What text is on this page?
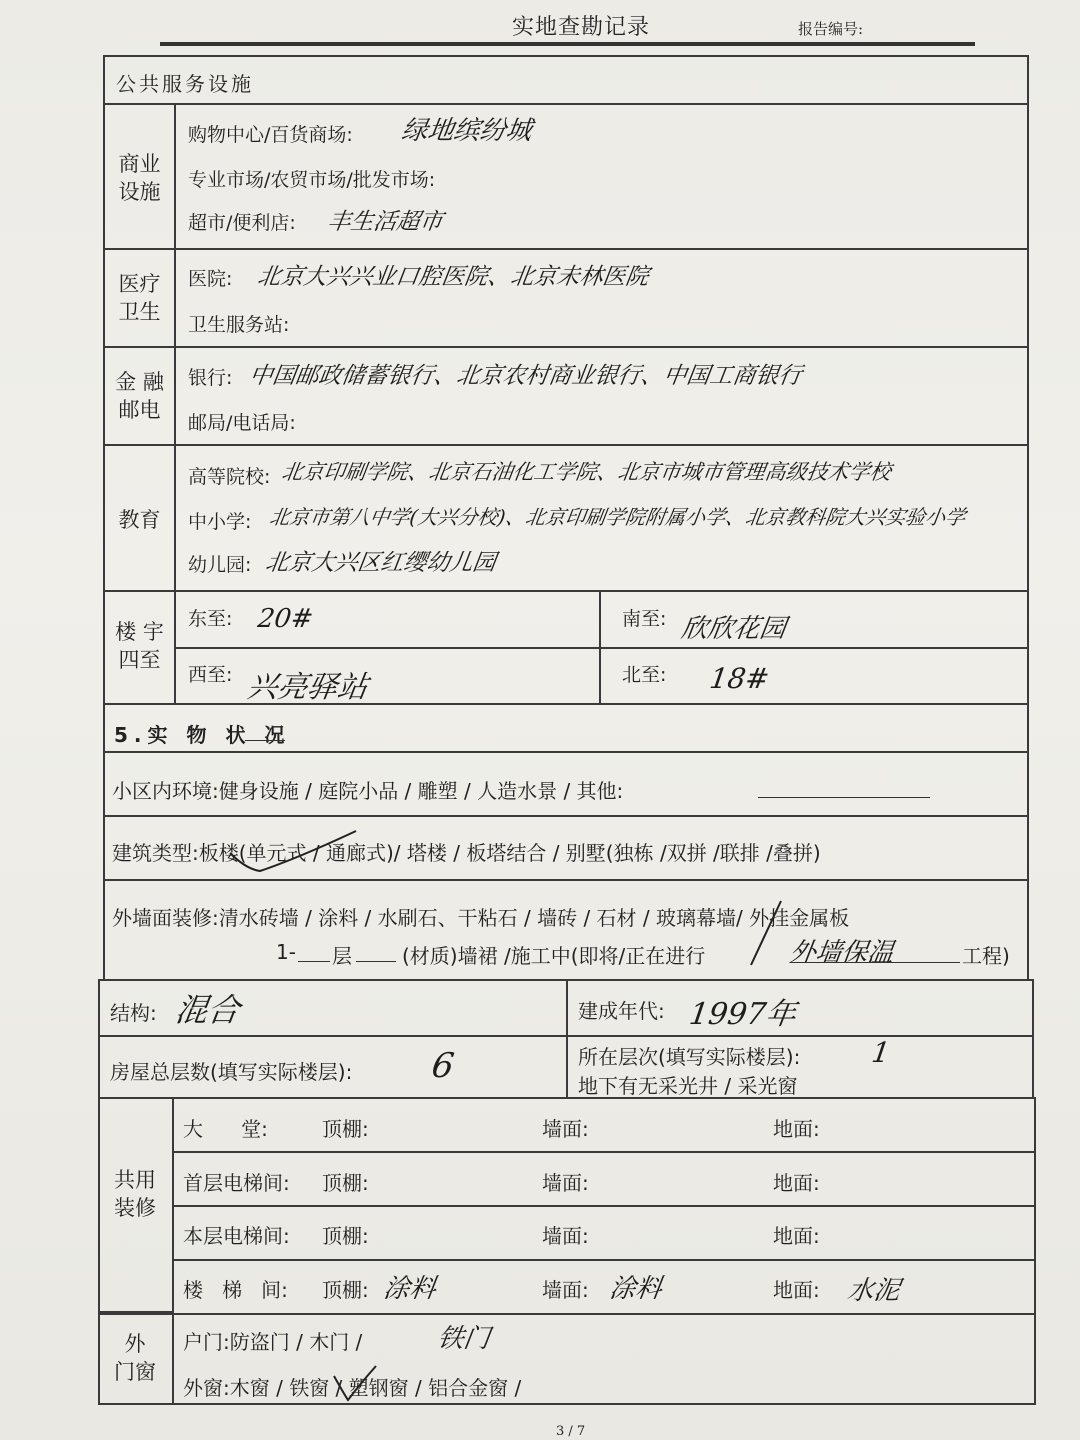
实地查勘记录	报告编号:
公共服务设施
商业
设施
购物中心/百货商场: 绿地缤纷城
专业市场/农贸市场/批发市场:
超市/便利店: 丰生活超市
医疗
卫生
医院: 北京大兴兴业口腔医院、北京未林医院
卫生服务站:
金 融
邮电
银行: 中国邮政储蓄银行、北京农村商业银行、中国工商银行
邮局/电话局:
教育
高等院校: 北京印刷学院、北京石油化工学院、北京市城市管理高级技术学校
中小学: 北京市第八中学(大兴分校)、北京印刷学院附属小学、北京教科院大兴实验小学
幼儿园: 北京大兴区红缨幼儿园
楼 宇
四至
东至: 20#	南至: 欣欣花园
西至: 兴亮驿站	北至: 18#
5.实 物 状 况
小区内环境:健身设施 / 庭院小品 / 雕塑 / 人造水景 / 其他:
建筑类型:板楼(单元式 / 通廊式)/ 塔楼 / 板塔结合 / 别墅(独栋 /双拼 /联排 /叠拼)
外墙面装修:清水砖墙 / 涂料 / 水刷石、干粘石 / 墙砖 / 石材 / 玻璃幕墙/ 外挂金属板
1- 层	(材质)墙裙 /施工中(即将/正在进行	外墙保温	工程)
结构: 混合	建成年代: 1997年
房屋总层数(填写实际楼层): 6	所在层次(填写实际楼层): 1
地下有无采光井 / 采光窗
共用
装修
大      堂:	顶棚:	墙面:	地面:
首层电梯间: 顶棚:	墙面:	地面:
本层电梯间: 顶棚:	墙面:	地面:
楼   梯   间: 顶棚: 涂料	墙面: 涂料	地面: 水泥
外
门窗
户门:防盗门 / 木门 /	铁门
外窗:木窗 / 铁窗 / 塑钢窗 / 铝合金窗 /
3 / 7
